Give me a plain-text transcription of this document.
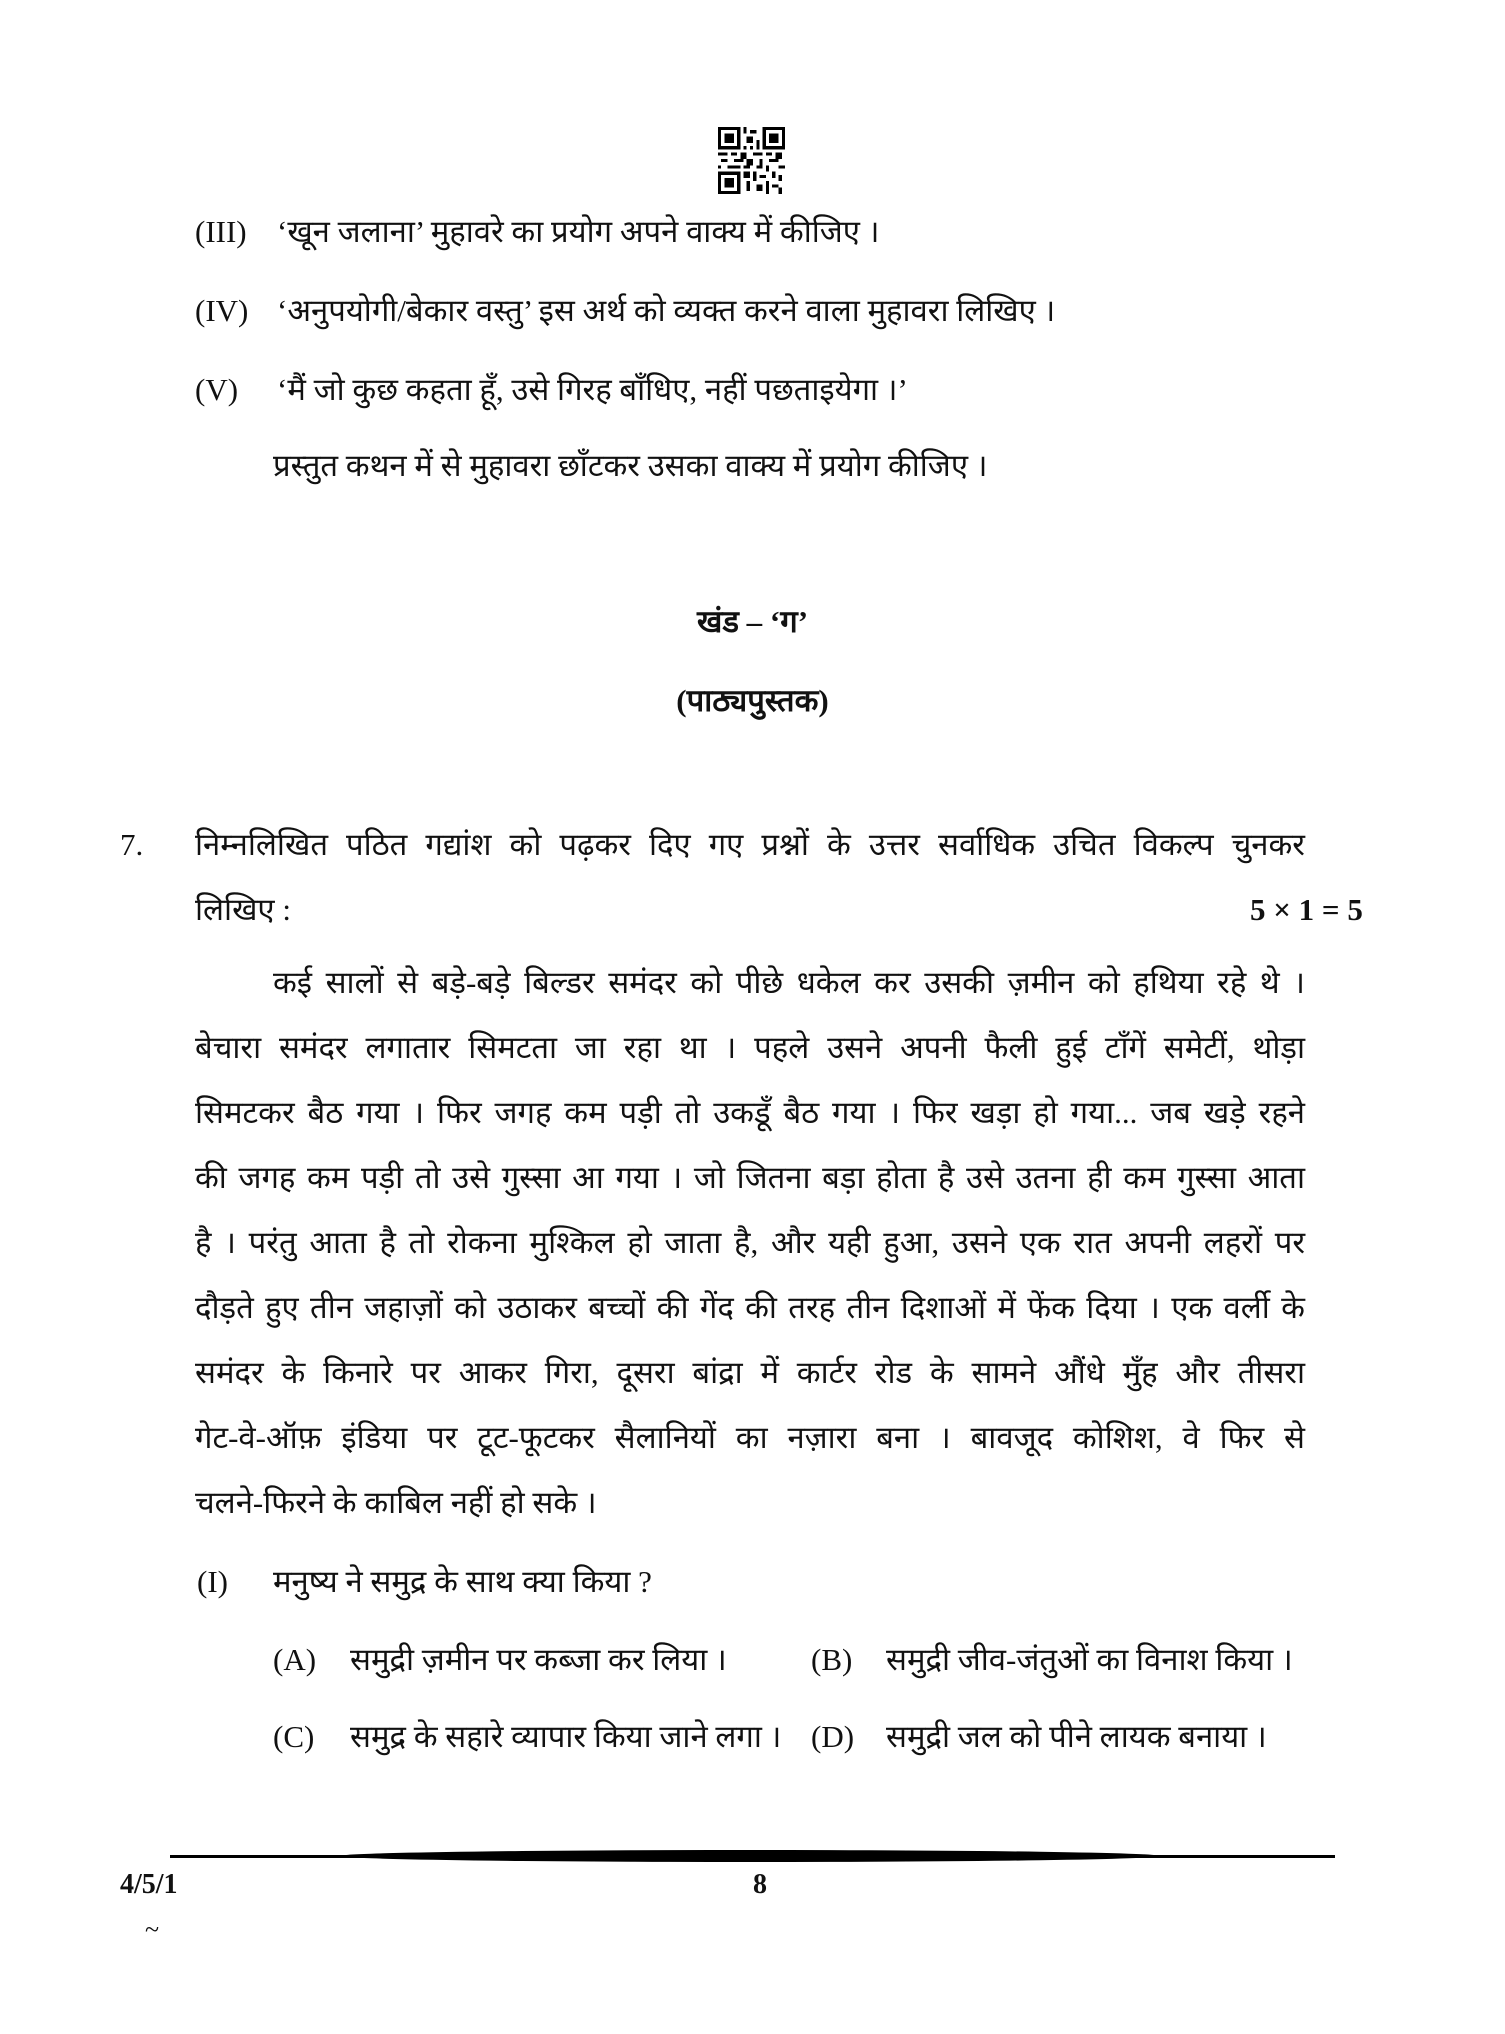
(III) ‘खून जलाना’ मुहावरे का प्रयोग अपने वाक्य में कीजिए ।
(IV) ‘अनुपयोगी/बेकार वस्तु’ इस अर्थ को व्यक्त करने वाला मुहावरा लिखिए ।
(V) ‘मैं जो कुछ कहता हूँ, उसे गिरह बाँधिए, नहीं पछताइयेगा ।’
प्रस्तुत कथन में से मुहावरा छाँटकर उसका वाक्य में प्रयोग कीजिए ।
खंड – ‘ग’
(पाठ्यपुस्तक)
7. निम्नलिखित पठित गद्यांश को पढ़कर दिए गए प्रश्नों के उत्तर सर्वाधिक उचित विकल्प चुनकर
लिखिए :	5 × 1 = 5
कई सालों से बड़े-बड़े बिल्डर समंदर को पीछे धकेल कर उसकी ज़मीन को हथिया रहे थे ।
बेचारा समंदर लगातार सिमटता जा रहा था । पहले उसने अपनी फैली हुई टाँगें समेटीं, थोड़ा
सिमटकर बैठ गया । फिर जगह कम पड़ी तो उकडूँ बैठ गया । फिर खड़ा हो गया... जब खड़े रहने
की जगह कम पड़ी तो उसे गुस्सा आ गया । जो जितना बड़ा होता है उसे उतना ही कम गुस्सा आता
है । परंतु आता है तो रोकना मुश्किल हो जाता है, और यही हुआ, उसने एक रात अपनी लहरों पर
दौड़ते हुए तीन जहाज़ों को उठाकर बच्चों की गेंद की तरह तीन दिशाओं में फेंक दिया । एक वर्ली के
समंदर के किनारे पर आकर गिरा, दूसरा बांद्रा में कार्टर रोड के सामने औंधे मुँह और तीसरा
गेट-वे-ऑफ़ इंडिया पर टूट-फूटकर सैलानियों का नज़ारा बना । बावजूद कोशिश, वे फिर से
चलने-फिरने के काबिल नहीं हो सके ।
(I) मनुष्य ने समुद्र के साथ क्या किया ?
(A) समुद्री ज़मीन पर कब्जा कर लिया ।	(B) समुद्री जीव-जंतुओं का विनाश किया ।
(C) समुद्र के सहारे व्यापार किया जाने लगा । (D) समुद्री जल को पीने लायक बनाया ।
4/5/1	8
~
